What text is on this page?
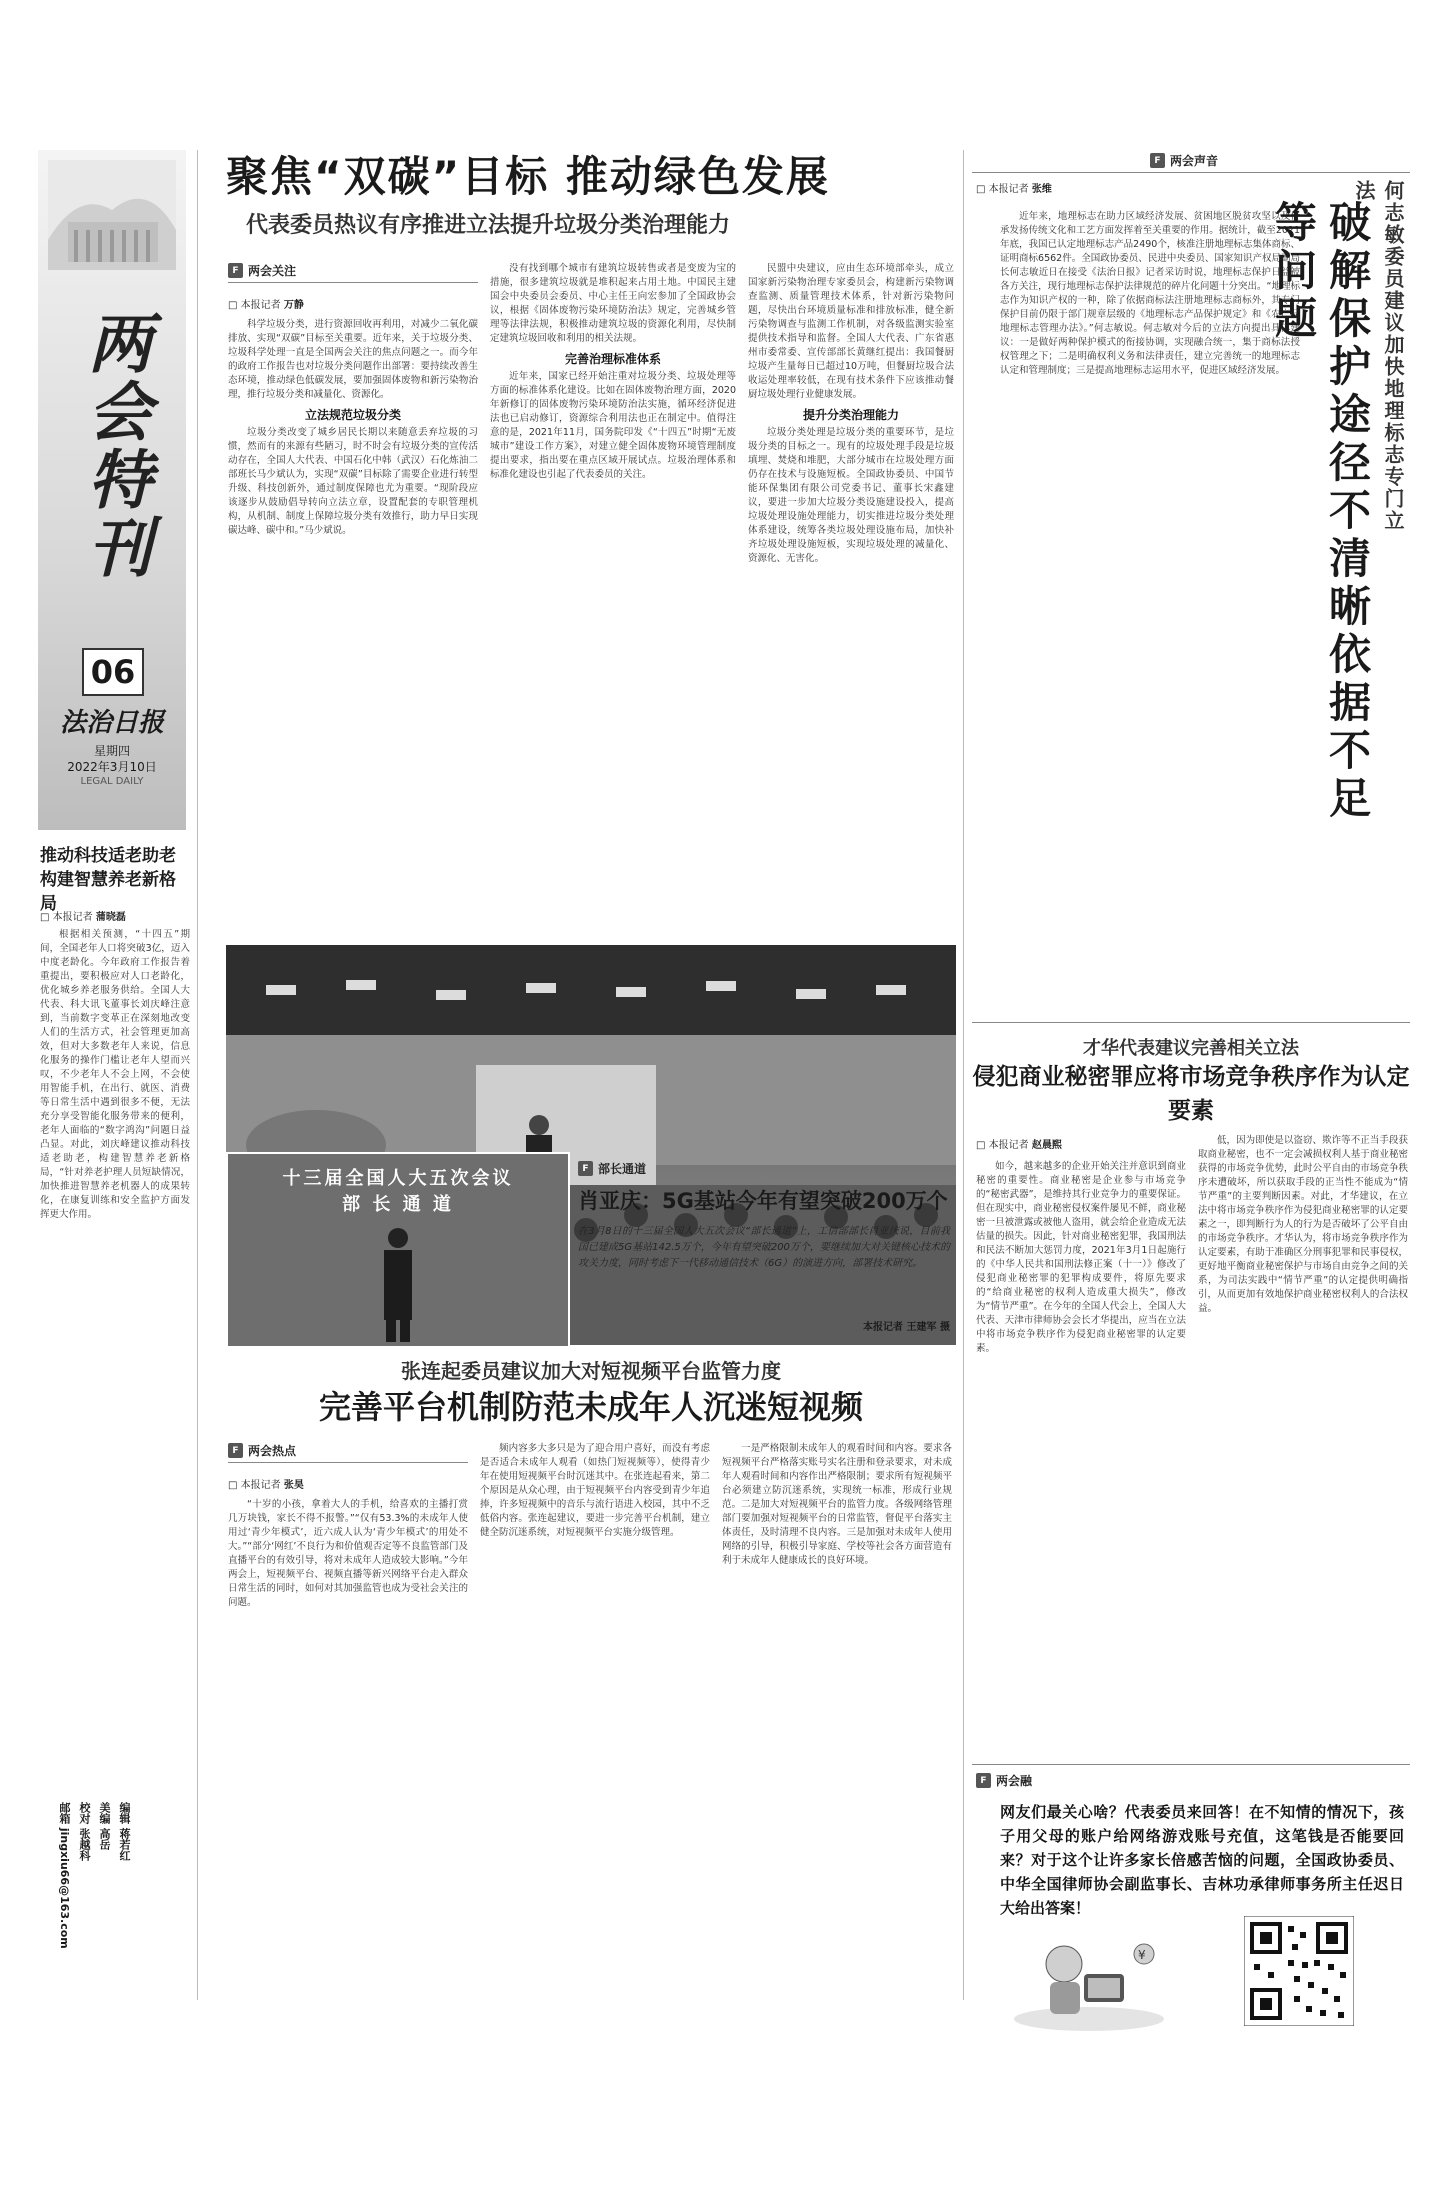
两会特刊
06
法治日报
星期四
2022年3月10日
LEGAL DAILY
推动科技适老助老
构建智慧养老新格局
□ 本报记者 蒲晓磊

根据相关预测，“十四五”期间，全国老年人口将突破3亿，迈入中度老龄化。今年政府工作报告着重提出，要积极应对人口老龄化，优化城乡养老服务供给。全国人大代表、科大讯飞董事长刘庆峰注意到，当前数字变革正在深刻地改变人们的生活方式，社会管理更加高效，但对大多数老年人来说，信息化服务的操作门槛让老年人望而兴叹，不少老年人不会上网，不会使用智能手机，在出行、就医、消费等日常生活中遇到很多不便，无法充分享受智能化服务带来的便利，老年人面临的“数字鸿沟”问题日益凸显。对此，刘庆峰建议推动科技适老助老，构建智慧养老新格局，“针对养老护理人员短缺情况，加快推进智慧养老机器人的成果转化，在康复训练和安全监护方面发挥更大作用。

编辑 蒋若红
美编 高岳
校对 张越科
邮箱 jingxiu66@163.com
聚焦“双碳”目标 推动绿色发展
代表委员热议有序推进立法提升垃圾分类治理能力
F 两会关注
□ 本报记者 万静

科学垃圾分类，进行资源回收再利用，对减少二氧化碳排放、实现“双碳”目标至关重要。近年来，关于垃圾分类、垃圾科学处理一直是全国两会关注的焦点问题之一。而今年的政府工作报告也对垃圾分类问题作出部署：要持续改善生态环境，推动绿色低碳发展，要加强固体废物和新污染物治理，推行垃圾分类和减量化、资源化。

立法规范垃圾分类

垃圾分类改变了城乡居民长期以来随意丢弃垃圾的习惯，然而有的来源有些陋习，时不时会有垃圾分类的宣传活动存在，全国人大代表、中国石化中韩（武汉）石化炼油二部班长马少斌认为，实现“双碳”目标除了需要企业进行转型升级、科技创新外，通过制度保障也尤为重要。“现阶段应该逐步从鼓励倡导转向立法立章，设置配套的专职管理机构，从机制、制度上保障垃圾分类有效推行，助力早日实现碳达峰、碳中和。”马少斌说。

没有找到哪个城市有建筑垃圾转售或者是变废为宝的措施，很多建筑垃圾就是堆积起来占用土地。中国民主建国会中央委员会委员、中心主任王向宏参加了全国政协会议，根据《固体废物污染环境防治法》规定，完善城乡管理等法律法规，积极推动建筑垃圾的资源化利用，尽快制定建筑垃圾回收和利用的相关法规。

完善治理标准体系

近年来，国家已经开始注重对垃圾分类、垃圾处理等方面的标准体系化建设。比如在固体废物治理方面，2020年新修订的固体废物污染环境防治法实施，循环经济促进法也已启动修订，资源综合利用法也正在制定中。值得注意的是，2021年11月，国务院印发《“十四五”时期“无废城市”建设工作方案》，对建立健全固体废物环境管理制度提出要求，指出要在重点区域开展试点。垃圾治理体系和标准化建设也引起了代表委员的关注。

民盟中央建议，应由生态环境部牵头，成立国家新污染物治理专家委员会，构建新污染物调查监测、质量管理技术体系，针对新污染物问题，尽快出台环境质量标准和排放标准，健全新污染物调查与监测工作机制，对各级监测实验室提供技术指导和监督。全国人大代表、广东省惠州市委常委、宣传部部长黄继红提出：我国餐厨垃圾产生量每日已超过10万吨，但餐厨垃圾合法收运处理率较低，在现有技术条件下应该推动餐厨垃圾处理行业健康发展。

提升分类治理能力

垃圾分类处理是垃圾分类的重要环节，是垃圾分类的目标之一。现有的垃圾处理手段是垃圾填埋、焚烧和堆肥，大部分城市在垃圾处理方面仍存在技术与设施短板。全国政协委员、中国节能环保集团有限公司党委书记、董事长宋鑫建议，要进一步加大垃圾分类设施建设投入，提高垃圾处理设施处理能力，切实推进垃圾分类处理体系建设，统筹各类垃圾处理设施布局，加快补齐垃圾处理设施短板，实现垃圾处理的减量化、资源化、无害化。

十三届全国人大五次会议
部 长 通 道
F 部长通道
肖亚庆：5G基站今年有望突破200万个
在3月8日的十三届全国人大五次会议“部长通道”上，工信部部长肖亚庆说，目前我国已建成5G基站142.5万个，今年有望突破200万个，要继续加大对关键核心技术的攻关力度，同时考虑下一代移动通信技术（6G）的演进方向，部署技术研究。
本报记者 王建军 摄
张连起委员建议加大对短视频平台监管力度
完善平台机制防范未成年人沉迷短视频
F 两会热点
□ 本报记者 张昊

“十岁的小孩，拿着大人的手机，给喜欢的主播打赏几万块钱，家长不得不报警。”“仅有53.3%的未成年人使用过‘青少年模式’，近六成人认为‘青少年模式’的用处不大。”“部分‘网红’不良行为和价值观否定等不良监管部门及直播平台的有效引导，将对未成年人造成较大影响。”今年两会上，短视频平台、视频直播等新兴网络平台走入群众日常生活的同时，如何对其加强监管也成为受社会关注的问题。

频内容多大多只是为了迎合用户喜好，而没有考虑是否适合未成年人观看（如热门短视频等），使得青少年在使用短视频平台时沉迷其中。在张连起看来，第二个原因是从众心理，由于短视频平台内容受到青少年追捧，许多短视频中的音乐与流行语进入校园，其中不乏低俗内容。张连起建议，要进一步完善平台机制，建立健全防沉迷系统，对短视频平台实施分级管理。

一是严格限制未成年人的观看时间和内容。要求各短视频平台严格落实账号实名注册和登录要求，对未成年人观看时间和内容作出严格限制；要求所有短视频平台必须建立防沉迷系统，实现统一标准，形成行业规范。二是加大对短视频平台的监管力度。各级网络管理部门要加强对短视频平台的日常监管，督促平台落实主体责任，及时清理不良内容。三是加强对未成年人使用网络的引导，积极引导家庭、学校等社会各方面营造有利于未成年人健康成长的良好环境。

F 两会声音
□ 本报记者 张维

近年来，地理标志在助力区域经济发展、贫困地区脱贫攻坚以及传承发扬传统文化和工艺方面发挥着至关重要的作用。据统计，截至2021年底，我国已认定地理标志产品2490个，核准注册地理标志集体商标、证明商标6562件。全国政协委员、民进中央委员、国家知识产权局副局长何志敏近日在接受《法治日报》记者采访时说，地理标志保护日益被各方关注，现行地理标志保护法律规范的碎片化问题十分突出。“地理标志作为知识产权的一种，除了依据商标法注册地理标志商标外，其专门保护目前仍限于部门规章层级的《地理标志产品保护规定》和《农产品地理标志管理办法》。”何志敏说。何志敏对今后的立法方向提出具体建议：一是做好两种保护模式的衔接协调，实现融合统一，集于商标法授权管理之下；二是明确权利义务和法律责任，建立完善统一的地理标志认定和管理制度；三是提高地理标志运用水平，促进区域经济发展。	何志敏委员建议加快地理标志专门立法
破解保护途径不清晰依据不足等问题
才华代表建议完善相关立法
侵犯商业秘密罪应将市场竞争秩序作为认定要素
□ 本报记者 赵晨熙

如今，越来越多的企业开始关注并意识到商业秘密的重要性。商业秘密是企业参与市场竞争的“秘密武器”，是维持其行业竞争力的重要保证。但在现实中，商业秘密侵权案件屡见不鲜，商业秘密一旦被泄露或被他人盗用，就会给企业造成无法估量的损失。因此，针对商业秘密犯罪，我国刑法和民法不断加大惩罚力度，2021年3月1日起施行的《中华人民共和国刑法修正案（十一）》修改了侵犯商业秘密罪的犯罪构成要件，将原先要求的“给商业秘密的权利人造成重大损失”，修改为“情节严重”。在今年的全国人代会上，全国人大代表、天津市律师协会会长才华提出，应当在立法中将市场竞争秩序作为侵犯商业秘密罪的认定要素。

低，因为即使是以盗窃、欺诈等不正当手段获取商业秘密，也不一定会减损权利人基于商业秘密获得的市场竞争优势，此时公平自由的市场竞争秩序未遭破坏，所以获取手段的正当性不能成为“情节严重”的主要判断因素。对此，才华建议，在立法中将市场竞争秩序作为侵犯商业秘密罪的认定要素之一，即判断行为人的行为是否破坏了公平自由的市场竞争秩序。才华认为，将市场竞争秩序作为认定要素，有助于准确区分刑事犯罪和民事侵权，更好地平衡商业秘密保护与市场自由竞争之间的关系，为司法实践中“情节严重”的认定提供明确指引，从而更加有效地保护商业秘密权利人的合法权益。

F 两会融
网友们最关心啥？代表委员来回答！在不知情的情况下，孩子用父母的账户给网络游戏账号充值，这笔钱是否能要回来？对于这个让许多家长倍感苦恼的问题，全国政协委员、中华全国律师协会副监事长、吉林功承律师事务所主任迟日大给出答案！
¥
